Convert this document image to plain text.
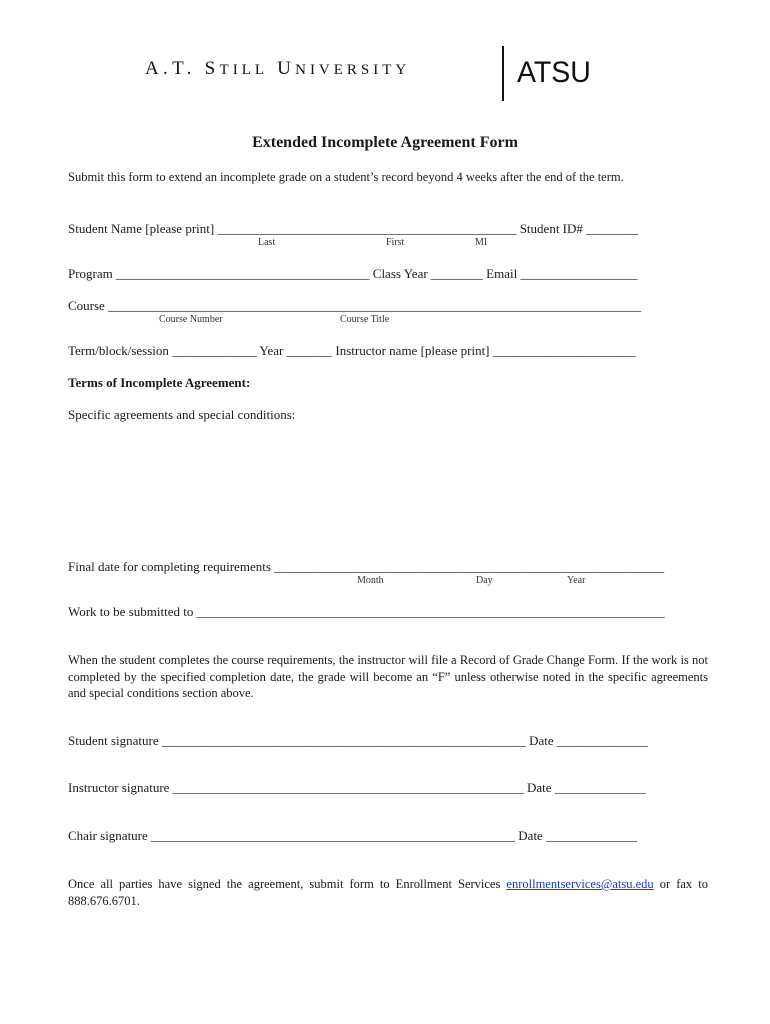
A.T. STILL UNIVERSITY	ATSU
Extended Incomplete Agreement Form
Submit this form to extend an incomplete grade on a student’s record beyond 4 weeks after the end of the term.
Student Name [please print] ______________________________________________ Student ID# ________
Last	First	MI
Program _______________________________________ Class Year ________ Email __________________
Course __________________________________________________________________________________
Course Number	Course Title
Term/block/session _____________ Year _______ Instructor name [please print] ______________________
Terms of Incomplete Agreement:
Specific agreements and special conditions:
Final date for completing requirements ____________________________________________________________
Month	Day	Year
Work to be submitted to ________________________________________________________________________
When the student completes the course requirements, the instructor will file a Record of Grade Change Form. If the work is not completed by the specified completion date, the grade will become an “F” unless otherwise noted in the specific agreements and special conditions section above.
Student signature ________________________________________________________ Date ______________
Instructor signature ______________________________________________________ Date ______________
Chair signature ________________________________________________________ Date ______________
Once all parties have signed the agreement, submit form to Enrollment Services enrollmentservices@atsu.edu or fax to 888.676.6701.
